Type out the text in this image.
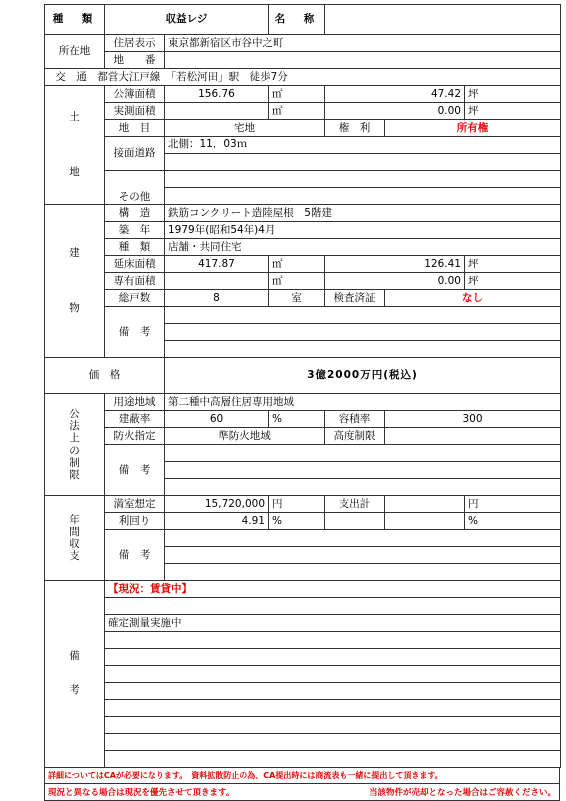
種　類	収益レジ		名　称			
所在地	住居表示	東京都新宿区市谷中之町				
	地　　番					
交　通 都営大江戸線　「若松河田」駅　徒歩7分						
土

地	公簿面積	156.76	㎡	47.42		坪
	実測面積		㎡	0.00		坪
	地　目	宅地		権　利	所有権	
	接面道路	北側：11．03ｍ				

	その他					

建

物	構　造	鉄筋コンクリート造陸屋根　5階建				
	築　年	1979年(昭和54年)4月				
	種　類	店舗・共同住宅				
	延床面積	417.87	㎡	126.41		坪
	専有面積		㎡	0.00		坪
	総戸数	8	室	検査済証	なし	
	備　考					

価　格		3億2000万円(税込)				
公法上の制限	用途地域	第二種中高層住居専用地域				
	建蔽率	60	%	容積率	300	
	防火指定	準防火地域		高度制限		
	備　考					

年間収支	満室想定	15,720,000	円	支出計		円
	利回り	4.91	%			%
	備　考					

備考	【現況：賃貸中】					

	確定測量実施中					

詳細についてはCAが必要になります。　資料拡散防止の為、CA提出時には商流表も一緒に提出して頂きます。
現況と異なる場合は現況を優先させて頂きます。	当該物件が売却となった場合はご容赦ください。
